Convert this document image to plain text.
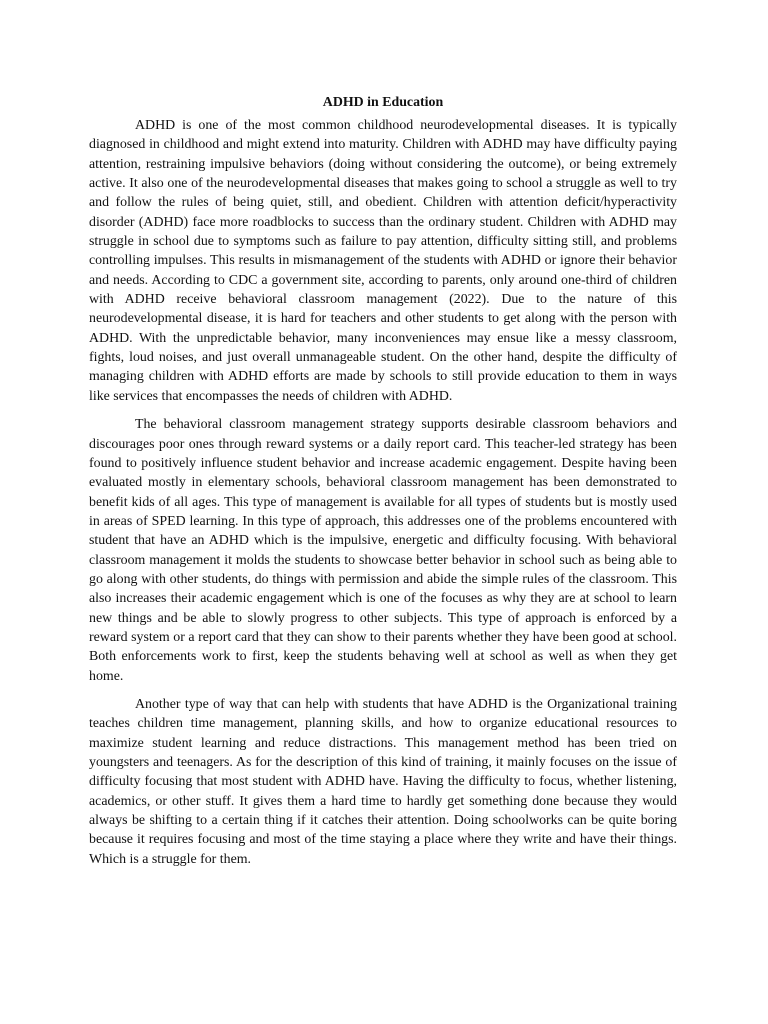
ADHD in Education

ADHD is one of the most common childhood neurodevelopmental diseases. It is typically diagnosed in childhood and might extend into maturity. Children with ADHD may have difficulty paying attention, restraining impulsive behaviors (doing without considering the outcome), or being extremely active. It also one of the neurodevelopmental diseases that makes going to school a struggle as well to try and follow the rules of being quiet, still, and obedient. Children with attention deficit/hyperactivity disorder (ADHD) face more roadblocks to success than the ordinary student. Children with ADHD may struggle in school due to symptoms such as failure to pay attention, difficulty sitting still, and problems controlling impulses. This results in mismanagement of the students with ADHD or ignore their behavior and needs. According to CDC a government site, according to parents, only around one-third of children with ADHD receive behavioral classroom management (2022). Due to the nature of this neurodevelopmental disease, it is hard for teachers and other students to get along with the person with ADHD. With the unpredictable behavior, many inconveniences may ensue like a messy classroom, fights, loud noises, and just overall unmanageable student. On the other hand, despite the difficulty of managing children with ADHD efforts are made by schools to still provide education to them in ways like services that encompasses the needs of children with ADHD.

The behavioral classroom management strategy supports desirable classroom behaviors and discourages poor ones through reward systems or a daily report card. This teacher-led strategy has been found to positively influence student behavior and increase academic engagement. Despite having been evaluated mostly in elementary schools, behavioral classroom management has been demonstrated to benefit kids of all ages. This type of management is available for all types of students but is mostly used in areas of SPED learning. In this type of approach, this addresses one of the problems encountered with student that have an ADHD which is the impulsive, energetic and difficulty focusing. With behavioral classroom management it molds the students to showcase better behavior in school such as being able to go along with other students, do things with permission and abide the simple rules of the classroom. This also increases their academic engagement which is one of the focuses as why they are at school to learn new things and be able to slowly progress to other subjects. This type of approach is enforced by a reward system or a report card that they can show to their parents whether they have been good at school. Both enforcements work to first, keep the students behaving well at school as well as when they get home.

Another type of way that can help with students that have ADHD is the Organizational training teaches children time management, planning skills, and how to organize educational resources to maximize student learning and reduce distractions. This management method has been tried on youngsters and teenagers. As for the description of this kind of training, it mainly focuses on the issue of difficulty focusing that most student with ADHD have. Having the difficulty to focus, whether listening, academics, or other stuff. It gives them a hard time to hardly get something done because they would always be shifting to a certain thing if it catches their attention. Doing schoolworks can be quite boring because it requires focusing and most of the time staying a place where they write and have their things. Which is a struggle for them.
